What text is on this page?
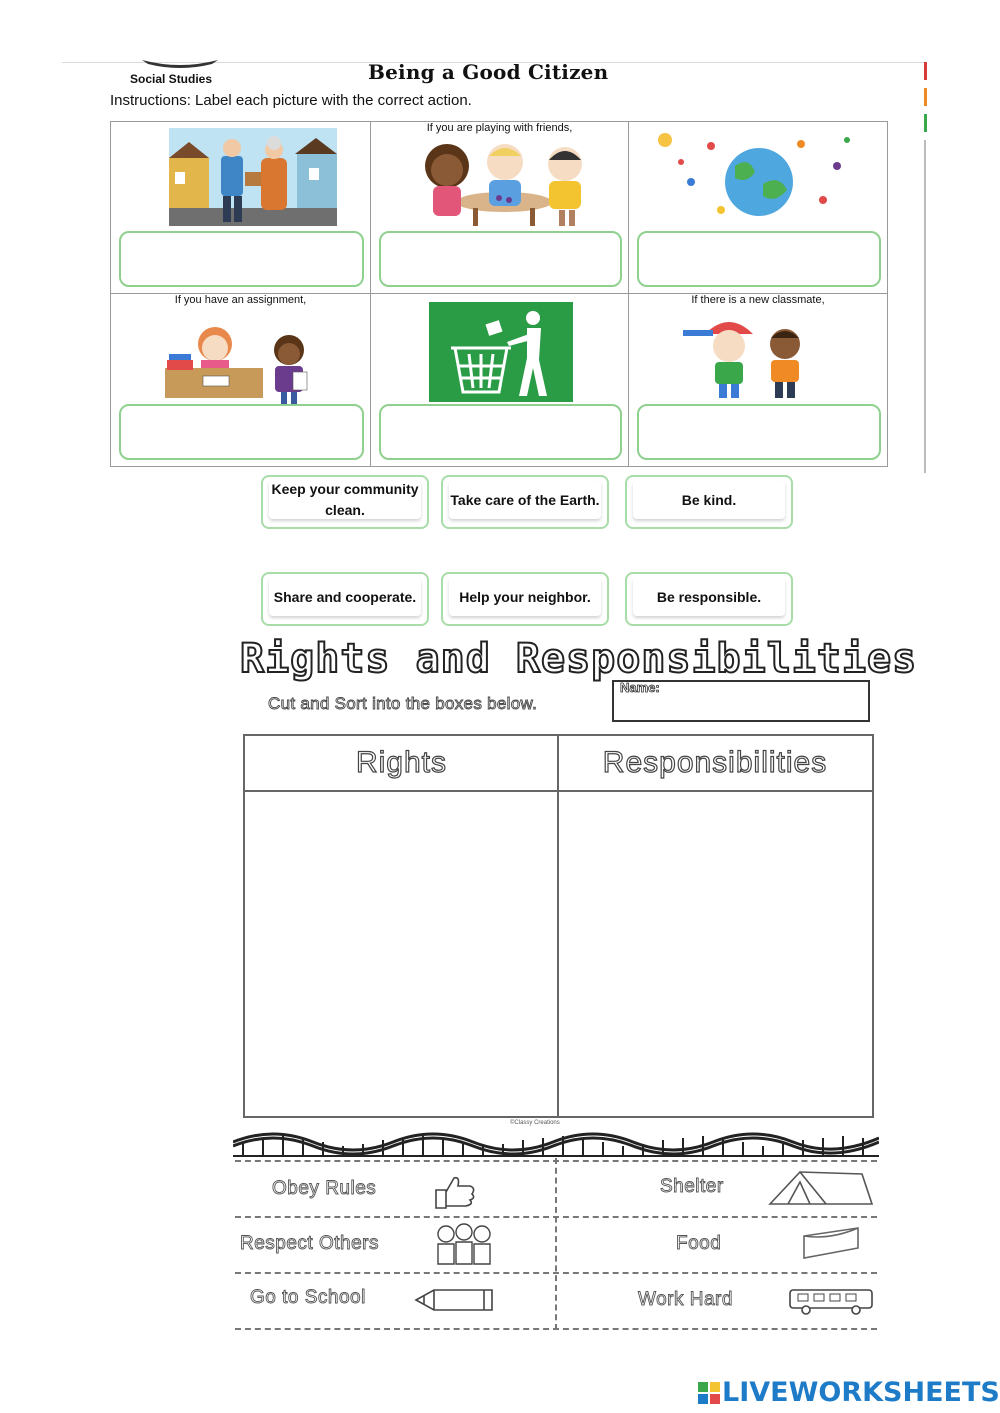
Social Studies	Being a Good Citizen
Instructions: Label each picture with the correct action.
If you are playing with friends,
If you have an assignment,	If there is a new classmate,
Keep your community clean.
Take care of the Earth.	Be kind.
Share and cooperate.	Help your neighbor.	Be responsible.
Rights and Responsibilities
Cut and Sort into the boxes below.
Name:
Rights	Responsibilities
©Classy Creations
Obey Rules	Shelter
Respect Others	Food
Go to School	Work Hard
LIVEWORKSHEETS
